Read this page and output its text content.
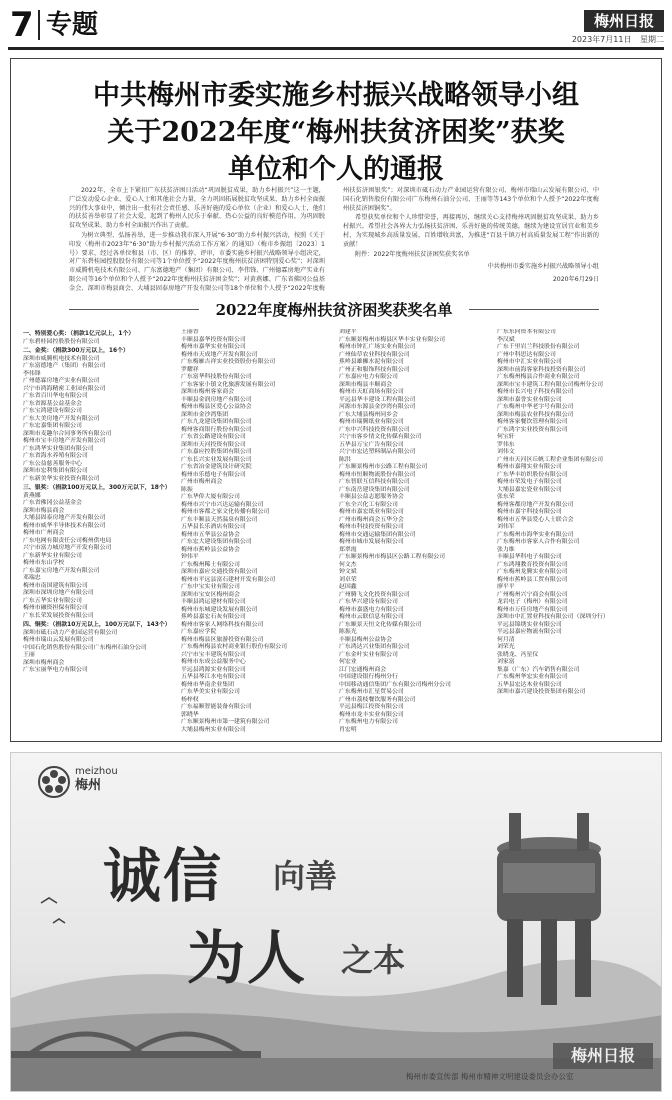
7 专题	梅州日报
2023年7月11日 星期二
中共梅州市委实施乡村振兴战略领导小组
关于2022年度“梅州扶贫济困奖”获奖
单位和个人的通报

2022年，全市上下紧扣广东扶贫济困日活动“巩固脱贫成果，助力乡村振兴”这一主题，广泛发动爱心企业、爱心人士和其他社会力量，全力巩固拓展脱贫攻坚成果、助力乡村全面振兴的伟大事业中，倾注出一批有社会责任感、乐善好施的爱心单位（企业）和爱心人士，他们的扶贫善举彰显了社会大爱，起到了梅州人民乐于奉献、热心公益的良好模范作用，为巩固脱贫攻坚成果、助力乡村全面振兴作出了贡献。

为树立典型、弘扬善举，进一步推动我市深入开展“6·30”助力乡村振兴活动，按照《关于印发〈梅州市2023年“6·30”助力乡村振兴活动工作方案〉的通知》（梅市乡振组〔2023〕1号）要求，经过各单位和县（市、区）的推荐、评审，市委实施乡村振兴战略领导小组决定，对广东碧桂园控股股份有限公司等1个单位授予“2022年度梅州扶贫济困特别爱心奖”；对深圳市威腾机电技术有限公司、广东富德地产（集团）有限公司、李伟锋、广州德霖房地产实业有限公司等16个单位和个人授予“2022年度梅州扶贫济困金奖”；对黄燕娜、广东省佛冈公益基金会、深圳市梅县商会、大埔县固泰房地产开发有限公司等18个单位和个人授予“2022年度梅州扶贫济困银奖”；对深圳市砥石动力产业园运营有限公司、梅州市瑞山云发展有限公司、中国石化销售股份有限公司广东梅州石油分公司、王丽等等143个单位和个人授予“2022年度梅州扶贫济困铜奖”。

希望获奖单位和个人珍惜荣誉，再接再厉，继续关心支持梅州巩固脱贫攻坚成果、助力乡村振兴。希望社会各界大力弘扬扶贫济困、乐善好施的传统美德，继续为建设宜居宜业和美乡村，为实现城乡高质量发展、百姓增收共富，为推进“百县千镇万村高质量发展工程”作出新的贡献！

附件：2022年度梅州扶贫济困奖获奖名单

中共梅州市委实施乡村振兴战略领导小组

2020年6月29日

2022年度梅州扶贫济困奖获奖名单
一、特别爱心奖：（捐款1亿元以上，1个）
广东碧桂园控股股份有限公司
二、金奖：（捐款300万元以上，16个）
深圳市威腾机电技术有限公司
广东富德地产（集团）有限公司
李伟锋
广州德霖房地产实业有限公司
兴宁市鸿海精密工业园有限公司
广东省百川华电有限公司
广东省源基公益基金会
广东宝鸿建设有限公司
广东大美房地产开发有限公司
广东宏嘉集团有限公司
深圳市麦趣尔合同事务所有限公司
梅州市宝丰房地产开发有限公司
广东鸿华实业集团有限公司
广东省海水养殖有限公司
广东公益慈善服务中心
深圳市宏利集团有限公司
广东新美华实业投资有限公司
三、银奖：（捐款100万元以上，300万元以下，18个）
黄燕娜
广东省佛冈公益基金会
深圳市梅县商会
大埔县固泰房地产开发有限公司
梅州市威华半导体技术有限公司
梅州市广州商会
广东电网有限责任公司梅州供电局
兴宁市富力城房地产开发有限公司
广东新华实业有限公司
梅州市东山学校
广东嘉宝房地产开发有限公司
邓瑞忠
梅州市南国建筑有限公司
深圳市深圳房地产有限公司
广东五华实业有限公司
梅州市融资担保有限公司
广东长荣发展投资有限公司
四、铜奖：（捐款10万元以上，100万元以下，143个）
深圳市砥石动力产业园运营有限公司
梅州市瑞山云发展有限公司
中国石化销售股份有限公司广东梅州石油分公司
王丽
深圳市梅州商会
广东宝丽华电力有限公司
王丽香
丰顺县嘉华投资有限公司
梅州市嘉华实业有限公司
梅州市天成地产开发有限公司
广东梅雁吉祥实业投资股份有限公司
罗耀祥
广东富华科技股份有限公司
广东客家小镇文化旅游发展有限公司
深圳市梅州客家商会
丰顺县金润房地产有限公司
梅州市梅县区爱心公益协会
深圳市金沙湾集团
广东九龙建设集团有限公司
梅州客商银行股份有限公司
广东省公路建设有限公司
深圳市天河投资有限公司
广东嘉应控股集团有限公司
广东长兴实业发展有限公司
广东省冶金建筑设计研究院
梅州市乐德电子有限公司
广州市梅州商会
陈振
广东华侨大厦有限公司
梅州市兴宁市兴达运输有限公司
梅州市客都之家文化传播有限公司
广东丰顺县天然温泉有限公司
五华县长乐酒店有限公司
梅州市五华县公益协会
广东宏大建设集团有限公司
梅州市蕉岭县公益协会
钟伟平
广东梅州稀土有限公司
深圳市嘉应交通投资有限公司
梅州市平远县富石建材开发有限公司
广东中宝实业有限公司
深圳市宝安区梅州商会
丰顺县鸿运建材有限公司
梅州市东城建设发展有限公司
蕉岭县嘉宏石灰有限公司
梅州市客家人网络科技有限公司
广东嘉应学院
梅州市梅县区旅游投资有限公司
广东梅州梅县农村商业银行股份有限公司
兴宁市宝丰建筑有限公司
梅州市东成公益服务中心
平远县鸿源实业有限公司
五华县琴江水电有限公司
梅州市华南企业集团
广东华美实业有限公司
杨梓权
广东福顺智能装备有限公司
郭晓华
广东顺景梅州市第一建筑有限公司
大埔县梅州实业有限公司
刘建平
广东顺景梅州市梅县区华丰实业有限公司
梅州市钟汇广场实业有限公司
广州仙草农业科技有限公司
蕉岭县雄狮水泥有限公司
广州正和服饰科技有限公司
广东嘉应电力有限公司
深圳市梅县丰顺商会
梅州市天虹商场有限公司
平远县华丰建设工程有限公司
河源市东源县金沙湾有限公司
广东大埔县梅州同乡会
梅州市瑞腾纸业有限公司
广东中兴科技投资有限公司
兴宁市客乡情文化传媒有限公司
五华县万宝广告有限公司
兴宁市宏达塑料制品有限公司
陈洪
广东顺景梅州市公路工程有限公司
梅州市恒顺物流股份有限公司
广东智联互信科技有限公司
广东南岳建设集团有限公司
丰顺县公益志愿服务协会
广东全兴化工有限公司
梅州市嘉宏纸业有限公司
广州市梅州商会五华分会
梅州市科技投资有限公司
梅州市交通运输集团有限公司
梅州市城市发展有限公司
郑翠霞
广东顺景梅州市梅县区公路工程有限公司
何文杰
钟文斌
刘卓荣
赵国鑫
广州腾飞文化投资有限公司
广东华兴建设有限公司
梅州市嘉盛电力有限公司
梅州市云联信息有限公司
广东顺景天恒文化传媒有限公司
陈振光
丰顺县梅州公益协会
广东鸿达兴业集团有限公司
广东金叶实业有限公司
何宏业
江门宏通梅州商会
中国建设银行梅州分行
中国移动通信集团广东有限公司梅州分公司
广东梅州市汇星贸易公司
广州市荔枝餐饮服务有限公司
平远县梅江投资有限公司
梅州市龙丰实业有限公司
广东梅州电力有限公司
肖宏明
广东东向资本有限公司
李汉斌
广东千里岩兰科技股份有限公司
广州中科思达有限公司
梅州市中汇实业有限公司
深圳市前海客家科技投资有限公司
广东梅州梅县合作商业有限公司
深圳市宝丰建筑工程有限公司梅州分公司
梅州市长兴电子科技有限公司
深圳市嘉誉实业有限公司
广东梅州中华老字号有限公司
深圳市梅县农业科技有限公司
梅州客家餐饮管理有限公司
广东鸿宇实业投资有限公司
何宝轩
罗伟东
刘伟文
广州市天河区丘帆工程企业集团有限公司
梅州市嘉翔实业有限公司
广东华丰纺织股份有限公司
梅州市荣发电子有限公司
大埔县嘉宏瓷业有限公司
张东荣
梅州客都房地产开发有限公司
梅州市嘉宇科技有限公司
梅州市五华县爱心人士联合会
刘伟军
广东梅州市海华实业有限公司
广东梅州市客家人合作有限公司
张力维
丰顺县华科电子有限公司
广东鸿翔教育投资有限公司
广东梅州龙腾实业有限公司
梅州市蕉岭县工贸有限公司
廖平平
广州梅州兴宁商会有限公司
龙岩电子（梅州）有限公司
梅州市万佳房地产有限公司
深圳市中汇置业科技有限公司（深圳分行）
平远县锦绣实业有限公司
平远县嘉应物流有限公司
何月清
刘荣光
张晓龙、冯星仪
刘家富
集嘉（广东）汽车销售有限公司
广东梅州华宏实业有限公司
五华县宏达木业有限公司
深圳市嘉兴建设投资集团有限公司
meizhou
梅州
诚信 向善
为人 之本
梅州市委宣传部 梅州市精神文明建设委员会办公室
梅州日报
